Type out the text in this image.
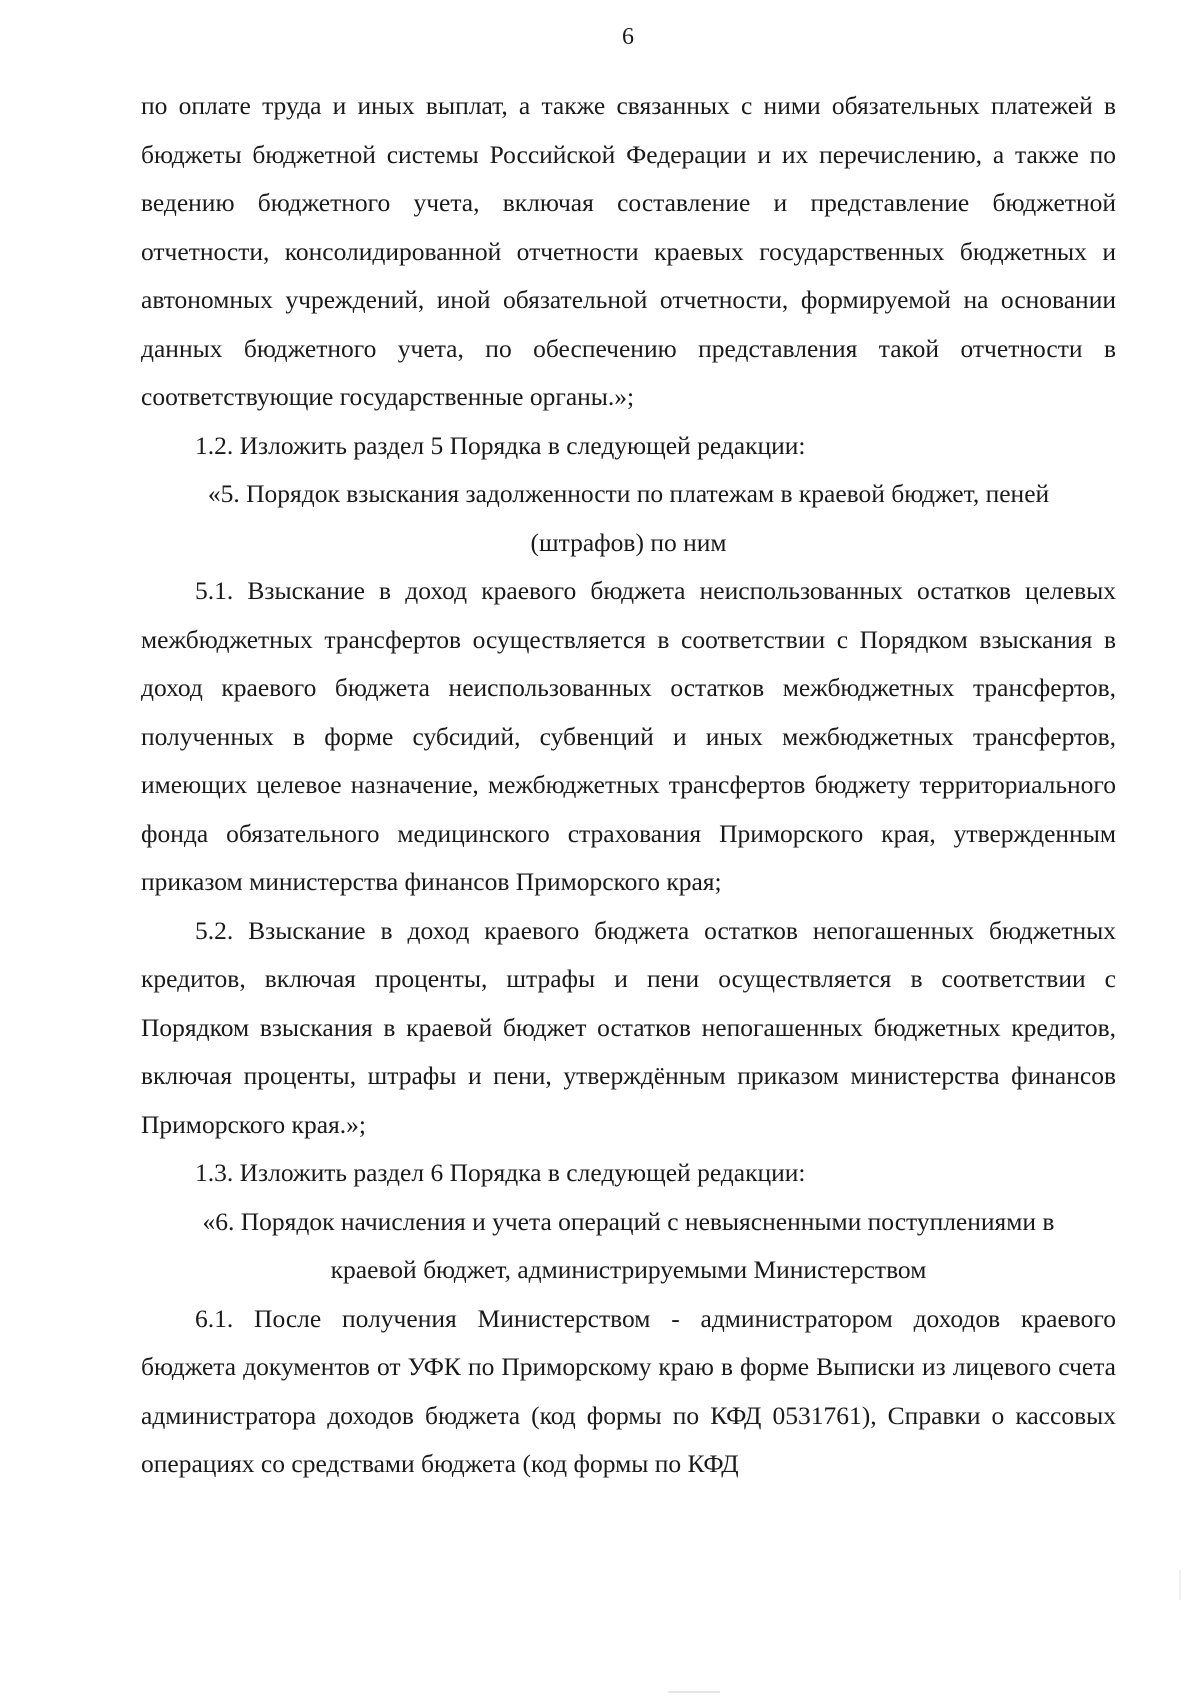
6

по оплате труда и иных выплат, а также связанных с ними обязательных платежей в бюджеты бюджетной системы Российской Федерации и их перечислению, а также по ведению бюджетного учета, включая составление и представление бюджетной отчетности, консолидированной отчетности краевых государственных бюджетных и автономных учреждений, иной обязательной отчетности, формируемой на основании данных бюджетного учета, по обеспечению представления такой отчетности в соответствующие государственные органы.»;

1.2. Изложить раздел 5 Порядка в следующей редакции:

«5. Порядок взыскания задолженности по платежам в краевой бюджет, пеней (штрафов) по ним

5.1. Взыскание в доход краевого бюджета неиспользованных остатков целевых межбюджетных трансфертов осуществляется в соответствии с Порядком взыскания в доход краевого бюджета неиспользованных остатков межбюджетных трансфертов, полученных в форме субсидий, субвенций и иных межбюджетных трансфертов, имеющих целевое назначение, межбюджетных трансфертов бюджету территориального фонда обязательного медицинского страхования Приморского края, утвержденным приказом министерства финансов Приморского края;

5.2. Взыскание в доход краевого бюджета остатков непогашенных бюджетных кредитов, включая проценты, штрафы и пени осуществляется в соответствии с Порядком взыскания в краевой бюджет остатков непогашенных бюджетных кредитов, включая проценты, штрафы и пени, утверждённым приказом министерства финансов Приморского края.»;

1.3. Изложить раздел 6 Порядка в следующей редакции:

«6. Порядок начисления и учета операций с невыясненными поступлениями в краевой бюджет, администрируемыми Министерством

6.1. После получения Министерством - администратором доходов краевого бюджета документов от УФК по Приморскому краю в форме Выписки из лицевого счета администратора доходов бюджета (код формы по КФД 0531761), Справки о кассовых операциях со средствами бюджета (код формы по КФД
